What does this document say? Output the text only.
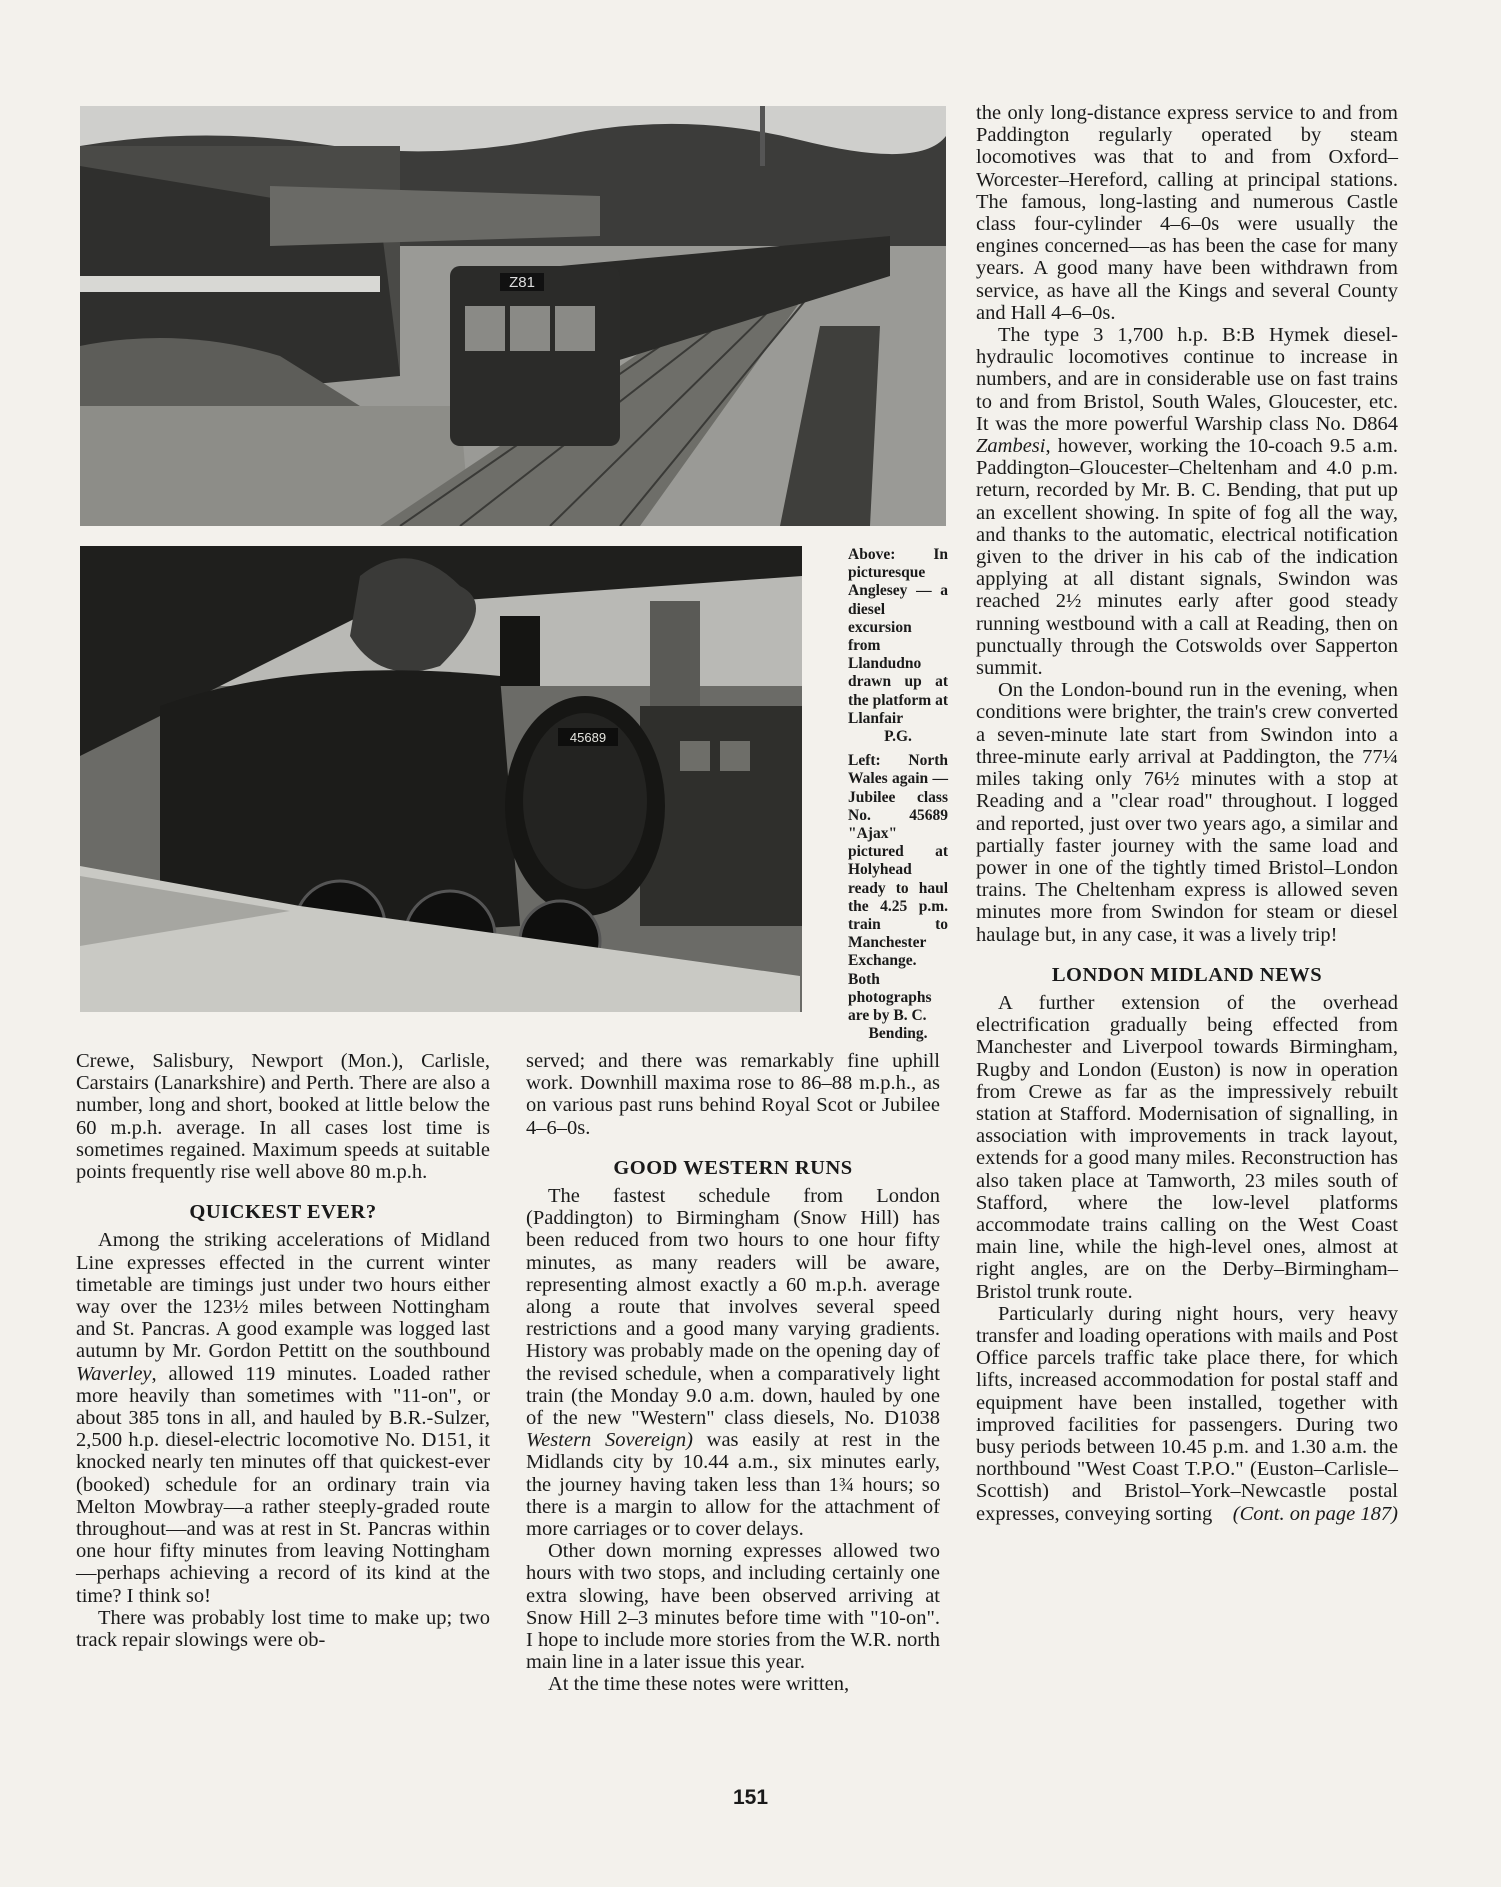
Z81
45689

Above: In picturesque Anglesey — a diesel excursion from Llandudno drawn up at the platform at Llanfair
P.G.

Left: North Wales again — Jubilee class No. 45689 "Ajax" pictured at Holyhead ready to haul the 4.25 p.m. train to Manchester Exchange. Both photographs are by B. C.
Bending.

Crewe, Salisbury, Newport (Mon.), Carlisle, Carstairs (Lanarkshire) and Perth. There are also a number, long and short, booked at little below the 60 m.p.h. average. In all cases lost time is sometimes regained. Maximum speeds at suitable points frequently rise well above 80 m.p.h.

QUICKEST EVER?

Among the striking accelerations of Midland Line expresses effected in the current winter timetable are timings just under two hours either way over the 123½ miles between Nottingham and St. Pancras. A good example was logged last autumn by Mr. Gordon Pettitt on the southbound Waverley, allowed 119 minutes. Loaded rather more heavily than sometimes with "11-on", or about 385 tons in all, and hauled by B.R.-Sulzer, 2,500 h.p. diesel-electric locomotive No. D151, it knocked nearly ten minutes off that quickest-ever (booked) schedule for an ordinary train via Melton Mowbray—a rather steeply-graded route throughout—and was at rest in St. Pancras within one hour fifty minutes from leaving Nottingham—perhaps achieving a record of its kind at the time? I think so!

There was probably lost time to make up; two track repair slowings were ob-

served; and there was remarkably fine uphill work. Downhill maxima rose to 86–88 m.p.h., as on various past runs behind Royal Scot or Jubilee 4–6–0s.

GOOD WESTERN RUNS

The fastest schedule from London (Paddington) to Birmingham (Snow Hill) has been reduced from two hours to one hour fifty minutes, as many readers will be aware, representing almost exactly a 60 m.p.h. average along a route that involves several speed restrictions and a good many varying gradients. History was probably made on the opening day of the revised schedule, when a comparatively light train (the Monday 9.0 a.m. down, hauled by one of the new "Western" class diesels, No. D1038 Western Sovereign) was easily at rest in the Midlands city by 10.44 a.m., six minutes early, the journey having taken less than 1¾ hours; so there is a margin to allow for the attachment of more carriages or to cover delays.

Other down morning expresses allowed two hours with two stops, and including certainly one extra slowing, have been observed arriving at Snow Hill 2–3 minutes before time with "10-on". I hope to include more stories from the W.R. north main line in a later issue this year.

At the time these notes were written,

the only long-distance express service to and from Paddington regularly operated by steam locomotives was that to and from Oxford–Worcester–Hereford, calling at principal stations. The famous, long-lasting and numerous Castle class four-cylinder 4–6–0s were usually the engines concerned—as has been the case for many years. A good many have been withdrawn from service, as have all the Kings and several County and Hall 4–6–0s.

The type 3 1,700 h.p. B:B Hymek diesel-hydraulic locomotives continue to increase in numbers, and are in considerable use on fast trains to and from Bristol, South Wales, Gloucester, etc. It was the more powerful Warship class No. D864 Zambesi, however, working the 10-coach 9.5 a.m. Paddington–Gloucester–Cheltenham and 4.0 p.m. return, recorded by Mr. B. C. Bending, that put up an excellent showing. In spite of fog all the way, and thanks to the automatic, electrical notification given to the driver in his cab of the indication applying at all distant signals, Swindon was reached 2½ minutes early after good steady running westbound with a call at Reading, then on punctually through the Cotswolds over Sapperton summit.

On the London-bound run in the evening, when conditions were brighter, the train's crew converted a seven-minute late start from Swindon into a three-minute early arrival at Paddington, the 77¼ miles taking only 76½ minutes with a stop at Reading and a "clear road" throughout. I logged and reported, just over two years ago, a similar and partially faster journey with the same load and power in one of the tightly timed Bristol–London trains. The Cheltenham express is allowed seven minutes more from Swindon for steam or diesel haulage but, in any case, it was a lively trip!

LONDON MIDLAND NEWS

A further extension of the overhead electrification gradually being effected from Manchester and Liverpool towards Birmingham, Rugby and London (Euston) is now in operation from Crewe as far as the impressively rebuilt station at Stafford. Modernisation of signalling, in association with improvements in track layout, extends for a good many miles. Reconstruction has also taken place at Tamworth, 23 miles south of Stafford, where the low-level platforms accommodate trains calling on the West Coast main line, while the high-level ones, almost at right angles, are on the Derby–Birmingham–Bristol trunk route.

Particularly during night hours, very heavy transfer and loading operations with mails and Post Office parcels traffic take place there, for which lifts, increased accommodation for postal staff and equipment have been installed, together with improved facilities for passengers. During two busy periods between 10.45 p.m. and 1.30 a.m. the northbound "West Coast T.P.O." (Euston–Carlisle–Scottish) and Bristol–York–Newcastle postal expresses, conveying sorting (Cont. on page 187)

151
